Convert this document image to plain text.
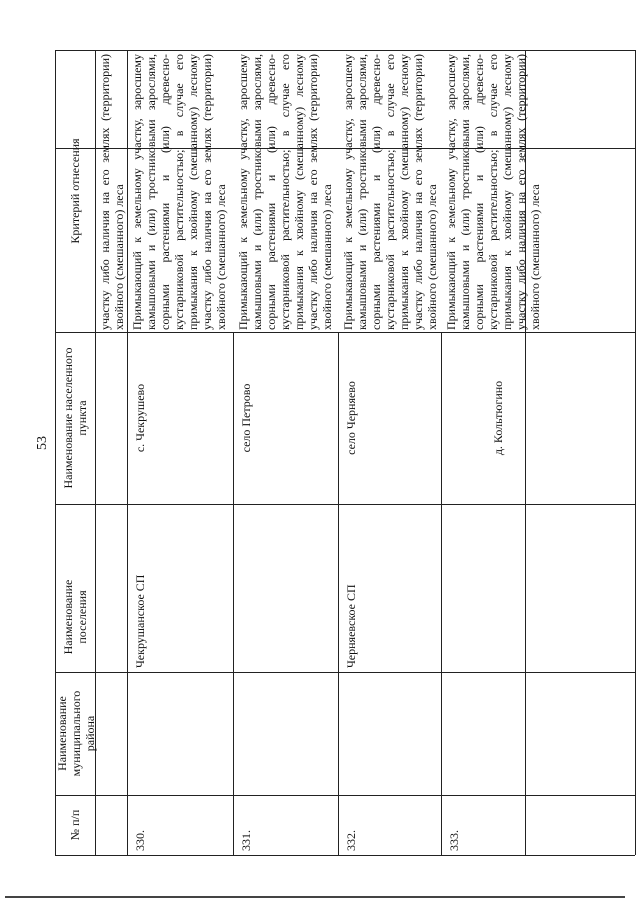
53
Критерий отнесения
Наименование населенного пункта
Наименование поселения
Наименование муниципального района
№ п/п
участку либо наличия на его землях (территории) хвойного (смешанного) леса Примыкающий к земельному участку, заросшему камышовыми и (или) тростниковыми зарослями, сорными растениями и (или) древесно-кустарниковой растительностью; в случае его примыкания к хвойному (смешанному) лесному участку либо наличия на его землях (территории) хвойного (смешанного) леса
с. Чекрушево
Чекрушанское СП
330.
Примыкающий к земельному участку, заросшему камышовыми и (или) тростниковыми зарослями, сорными растениями и (или) древесно-кустарниковой растительностью; в случае его примыкания к хвойному (смешанному) лесному участку либо наличия на его землях (территории) хвойного (смешанного) леса
село Петрово
331.
Примыкающий к земельному участку, заросшему камышовыми и (или) тростниковыми зарослями, сорными растениями и (или) древесно-кустарниковой растительностью; в случае его примыкания к хвойному (смешанному) лесному участку либо наличия на его землях (территории) хвойного (смешанного) леса
село Черняево
Черняевское СП
332.
Примыкающий к земельному участку, заросшему камышовыми и (или) тростниковыми зарослями, сорными растениями и (или) древесно-кустарниковой растительностью; в случае его примыкания к хвойному (смешанному) лесному участку либо наличия на его землях (территории) хвойного (смешанного) леса
д. Кольтюгино
333.
